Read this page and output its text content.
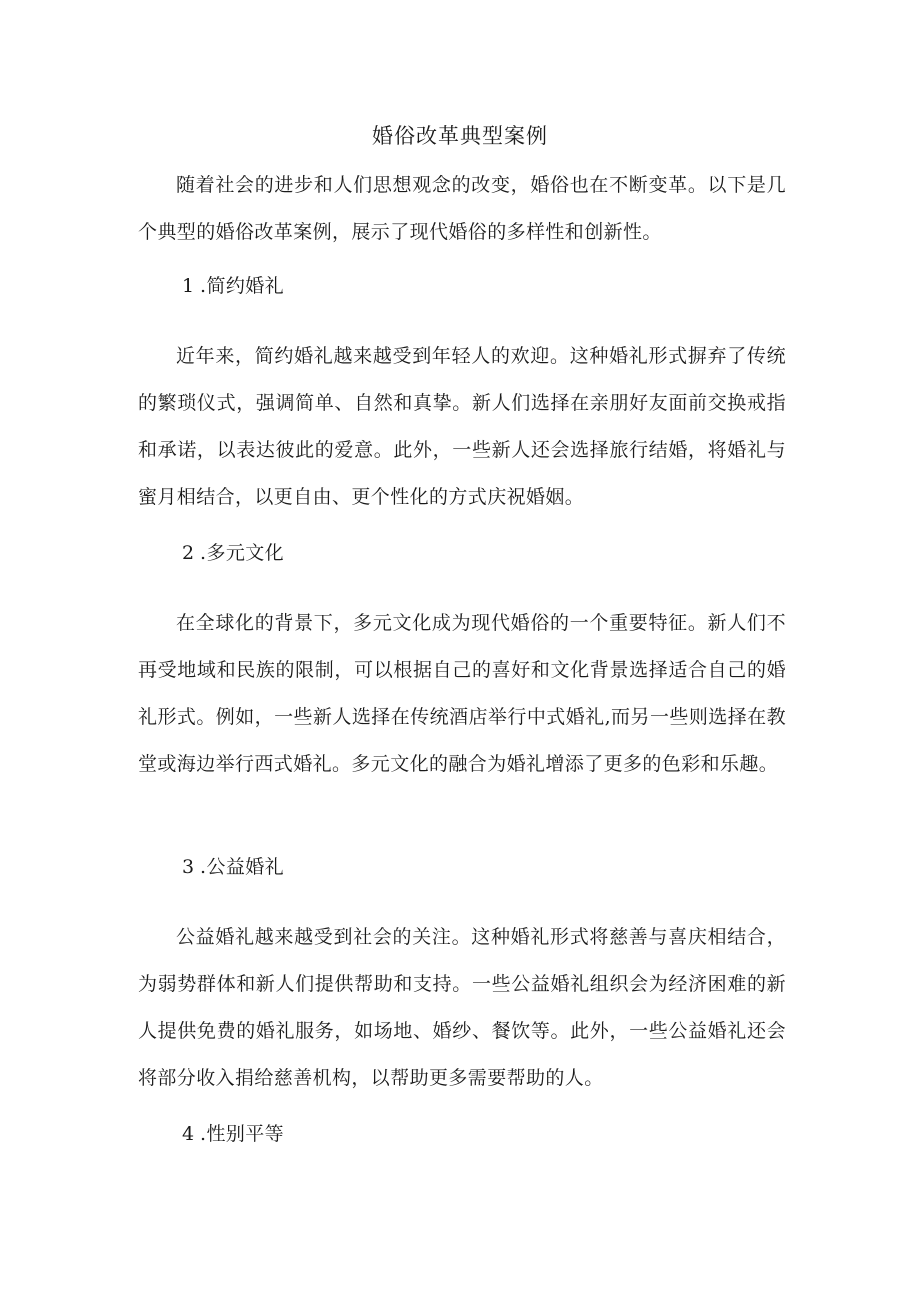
婚俗改革典型案例

随着社会的进步和人们思想观念的改变，婚俗也在不断变革。以下是几个典型的婚俗改革案例，展示了现代婚俗的多样性和创新性。

1 .简约婚礼

近年来，简约婚礼越来越受到年轻人的欢迎。这种婚礼形式摒弃了传统的繁琐仪式，强调简单、自然和真挚。新人们选择在亲朋好友面前交换戒指和承诺，以表达彼此的爱意。此外，一些新人还会选择旅行结婚，将婚礼与蜜月相结合，以更自由、更个性化的方式庆祝婚姻。

2 .多元文化

在全球化的背景下，多元文化成为现代婚俗的一个重要特征。新人们不再受地域和民族的限制，可以根据自己的喜好和文化背景选择适合自己的婚礼形式。例如，一些新人选择在传统酒店举行中式婚礼,而另一些则选择在教堂或海边举行西式婚礼。多元文化的融合为婚礼增添了更多的色彩和乐趣。

3 .公益婚礼

公益婚礼越来越受到社会的关注。这种婚礼形式将慈善与喜庆相结合，为弱势群体和新人们提供帮助和支持。一些公益婚礼组织会为经济困难的新人提供免费的婚礼服务，如场地、婚纱、餐饮等。此外，一些公益婚礼还会将部分收入捐给慈善机构，以帮助更多需要帮助的人。

4 .性别平等
